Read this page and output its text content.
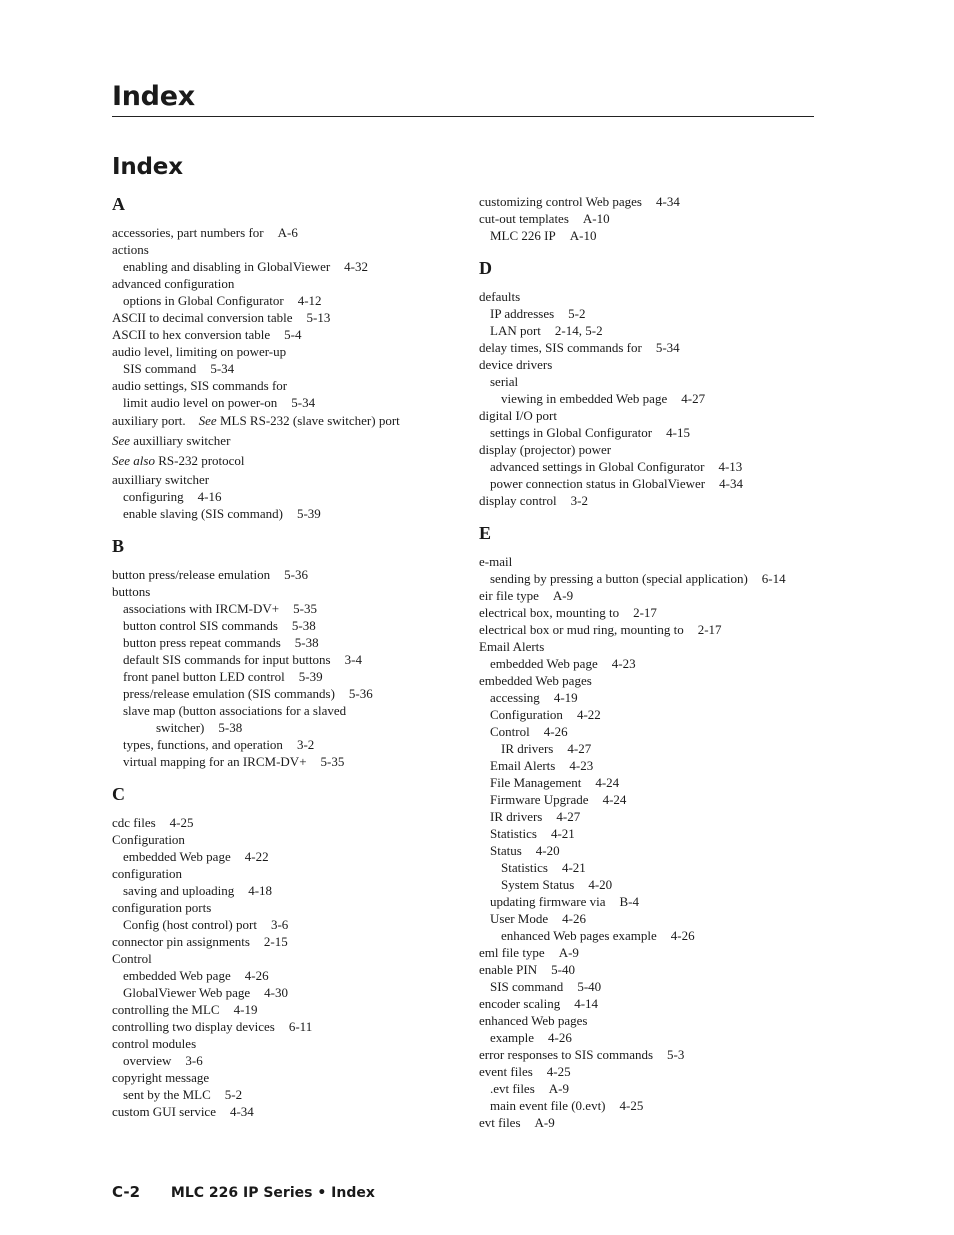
Index
Index
A
accessories, part numbers for A-6
actions
enabling and disabling in GlobalViewer 4-32
advanced configuration
options in Global Configurator 4-12
ASCII to decimal conversion table 5-13
ASCII to hex conversion table 5-4
audio level, limiting on power-up
SIS command 5-34
audio settings, SIS commands for
limit audio level on power-on 5-34
auxiliary port. See MLS RS-232 (slave switcher) port
See auxilliary switcher
See also RS-232 protocol
auxilliary switcher
configuring 4-16
enable slaving (SIS command) 5-39
B
button press/release emulation 5-36
buttons
associations with IRCM-DV+ 5-35
button control SIS commands 5-38
button press repeat commands 5-38
default SIS commands for input buttons 3-4
front panel button LED control 5-39
press/release emulation (SIS commands) 5-36
slave map (button associations for a slaved
switcher) 5-38
types, functions, and operation 3-2
virtual mapping for an IRCM-DV+ 5-35
C
cdc files 4-25
Configuration
embedded Web page 4-22
configuration
saving and uploading 4-18
configuration ports
Config (host control) port 3-6
connector pin assignments 2-15
Control
embedded Web page 4-26
GlobalViewer Web page 4-30
controlling the MLC 4-19
controlling two display devices 6-11
control modules
overview 3-6
copyright message
sent by the MLC 5-2
custom GUI service 4-34
customizing control Web pages 4-34
cut-out templates A-10
MLC 226 IP A-10
D
defaults
IP addresses 5-2
LAN port 2-14, 5-2
delay times, SIS commands for 5-34
device drivers
serial
viewing in embedded Web page 4-27
digital I/O port
settings in Global Configurator 4-15
display (projector) power
advanced settings in Global Configurator 4-13
power connection status in GlobalViewer 4-34
display control 3-2
E
e-mail
sending by pressing a button (special application) 6-14
eir file type A-9
electrical box, mounting to 2-17
electrical box or mud ring, mounting to 2-17
Email Alerts
embedded Web page 4-23
embedded Web pages
accessing 4-19
Configuration 4-22
Control 4-26
IR drivers 4-27
Email Alerts 4-23
File Management 4-24
Firmware Upgrade 4-24
IR drivers 4-27
Statistics 4-21
Status 4-20
Statistics 4-21
System Status 4-20
updating firmware via B-4
User Mode 4-26
enhanced Web pages example 4-26
eml file type A-9
enable PIN 5-40
SIS command 5-40
encoder scaling 4-14
enhanced Web pages
example 4-26
error responses to SIS commands 5-3
event files 4-25
.evt files A-9
main event file (0.evt) 4-25
evt files A-9
C-2 MLC 226 IP Series • Index
